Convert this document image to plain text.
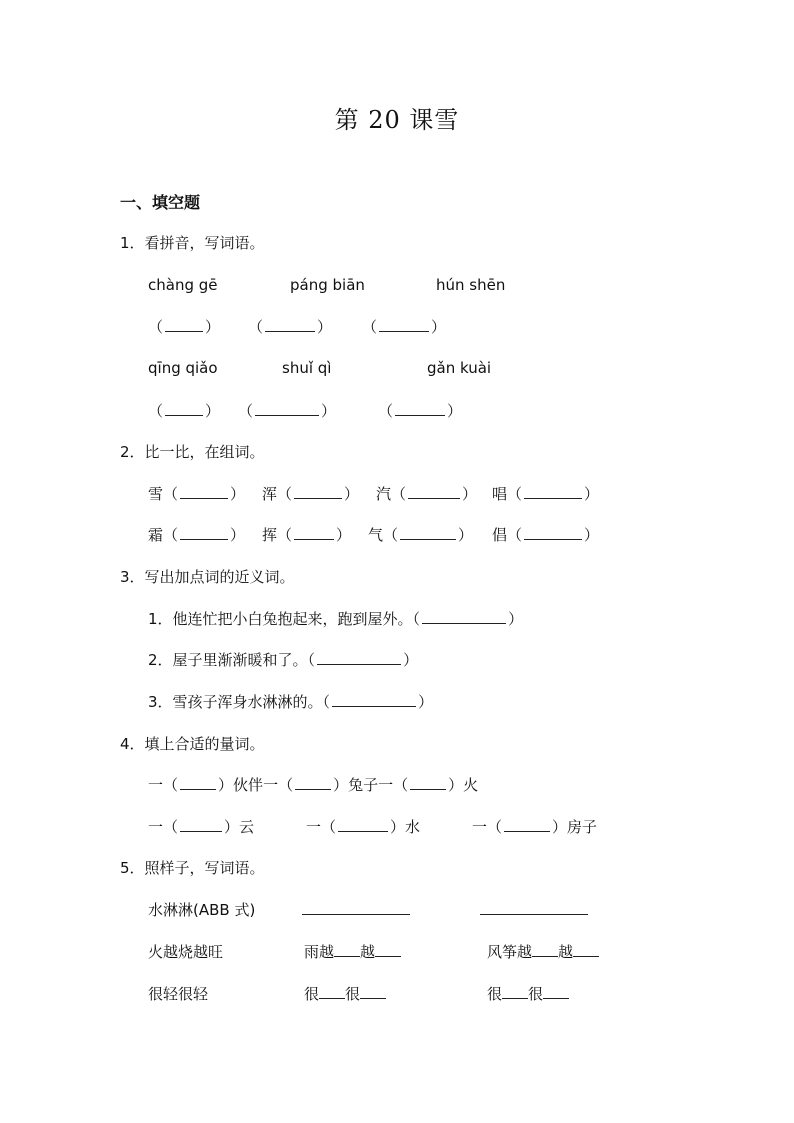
第 20 课雪
一、填空题
1．看拼音，写词语。
chàng gē	páng biān	hún shēn
（	） （	） （	）
qīng qiǎo	shuǐ qì	gǎn kuài
（	） （	）	（	）
2．比一比，在组词。
雪（	） 浑（	） 汽（	） 唱（	）
霜（	） 挥（	） 气（	） 倡（	）
3．写出加点词的近义词。
1．他连忙把小白兔抱起来，跑到屋外。（	）
2．屋子里渐渐暖和了。（	）
3．雪孩子浑身水淋淋的。（	）
4．填上合适的量词。
一（	）伙伴一（	）兔子一（	）火
一（	）云	一（	）水	一（	）房子
5．照样子，写词语。
水淋淋(ABB 式)
火越烧越旺	雨越 越	风筝越 越
很轻很轻	很 很	很 很
